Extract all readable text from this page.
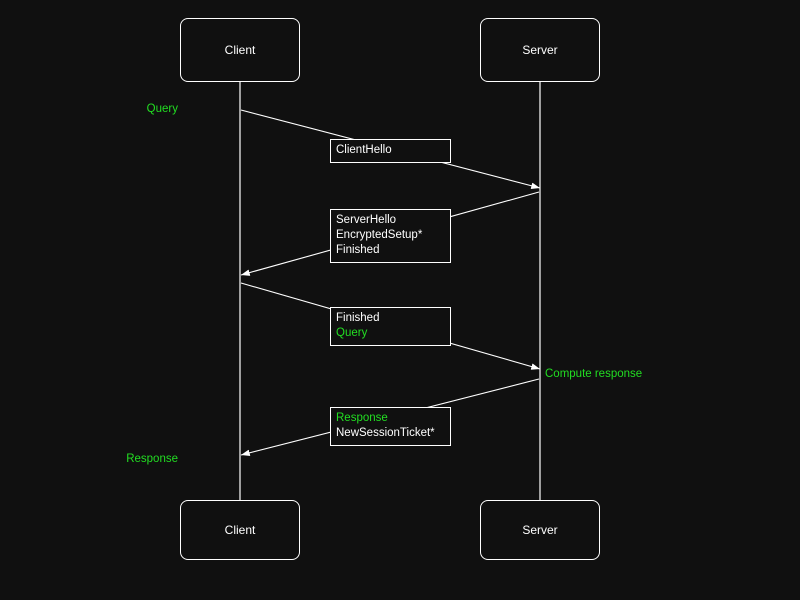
Client	Server
Client	Server
ClientHello
ServerHello
EncryptedSetup*
Finished
Finished
Query
Response
NewSessionTicket*
Query
Compute response
Response
